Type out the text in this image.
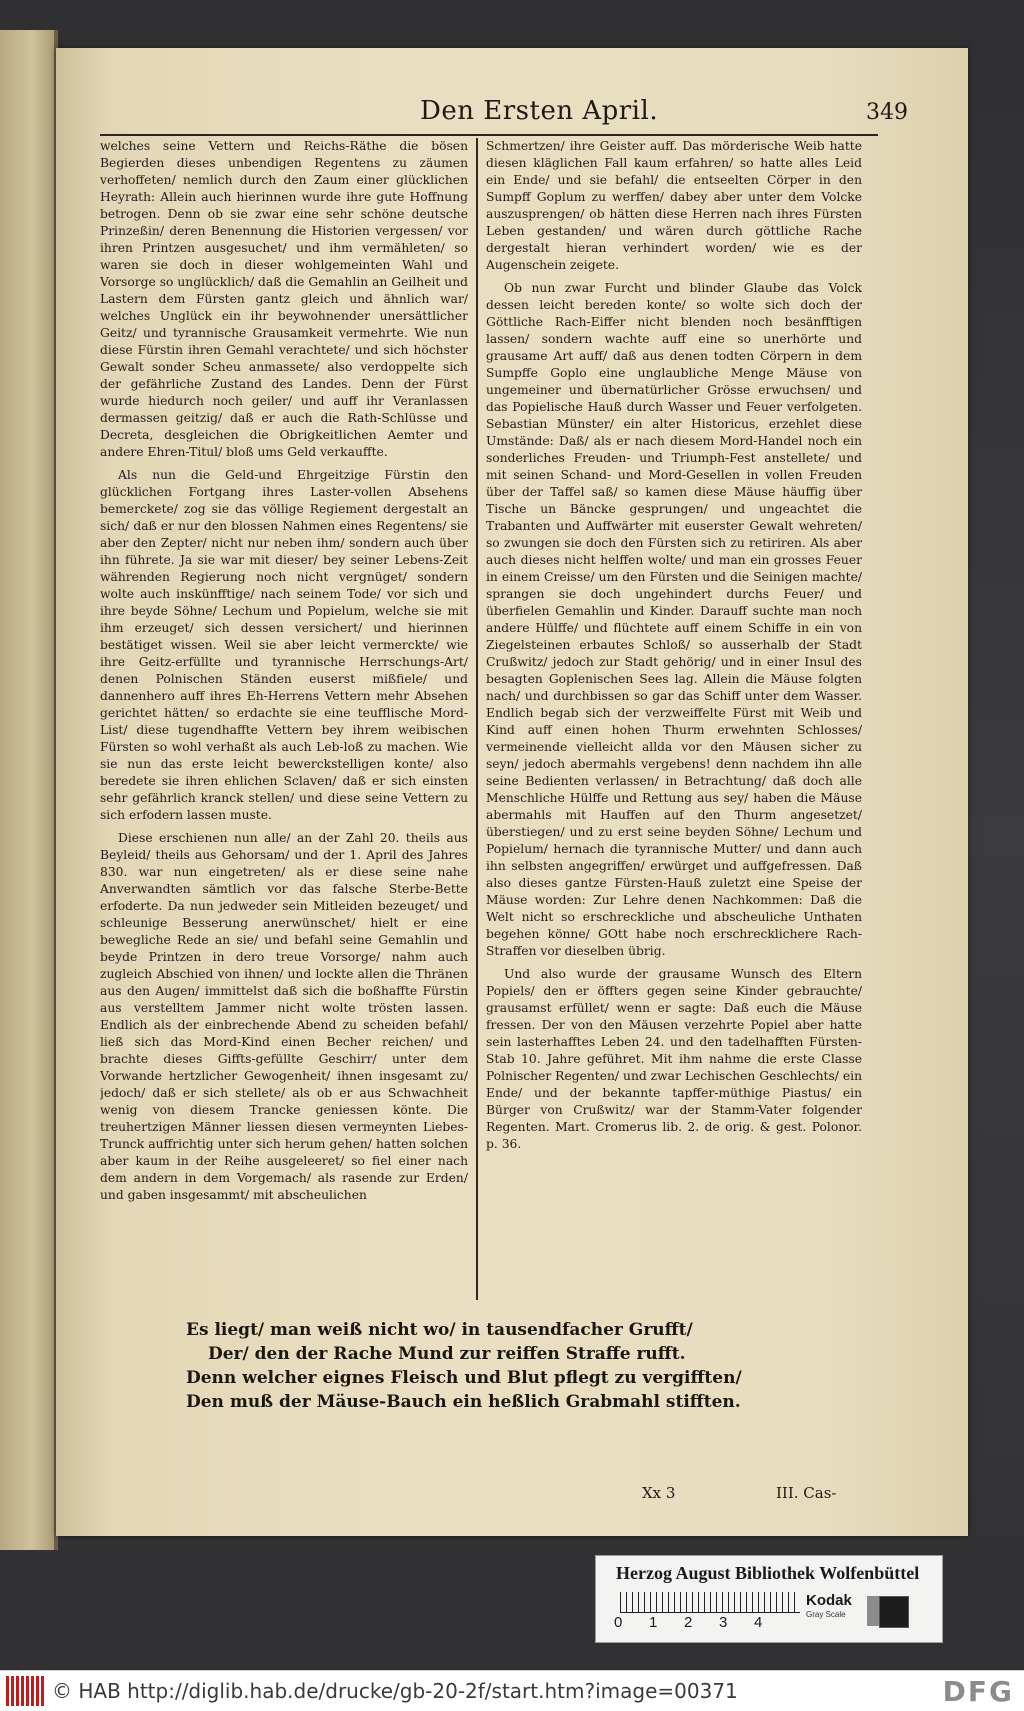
Den Ersten April.	349

welches seine Vettern und Reichs-Räthe die bösen Begierden dieses unbendigen Regentens zu zäumen verhoffeten/ nemlich durch den Zaum einer glücklichen Heyrath: Allein auch hierinnen wurde ihre gute Hoffnung betrogen. Denn ob sie zwar eine sehr schöne deutsche Prinzeßin/ deren Benennung die Historien vergessen/ vor ihren Printzen ausgesuchet/ und ihm vermähleten/ so waren sie doch in dieser wohlgemeinten Wahl und Vorsorge so unglücklich/ daß die Gemahlin an Geilheit und Lastern dem Fürsten gantz gleich und ähnlich war/ welches Unglück ein ihr beywohnender unersättlicher Geitz/ und tyrannische Grausamkeit vermehrte. Wie nun diese Fürstin ihren Gemahl verachtete/ und sich höchster Gewalt sonder Scheu anmassete/ also verdoppelte sich der gefährliche Zustand des Landes. Denn der Fürst wurde hiedurch noch geiler/ und auff ihr Veranlassen dermassen geitzig/ daß er auch die Rath-Schlüsse und Decreta, desgleichen die Obrigkeitlichen Aemter und andere Ehren-Titul/ bloß ums Geld verkauffte.

Als nun die Geld-und Ehrgeitzige Fürstin den glücklichen Fortgang ihres Laster-vollen Absehens bemerckete/ zog sie das völlige Regiement dergestalt an sich/ daß er nur den blossen Nahmen eines Regentens/ sie aber den Zepter/ nicht nur neben ihm/ sondern auch über ihn führete. Ja sie war mit dieser/ bey seiner Lebens-Zeit währenden Regierung noch nicht vergnüget/ sondern wolte auch inskünfftige/ nach seinem Tode/ vor sich und ihre beyde Söhne/ Lechum und Popielum, welche sie mit ihm erzeuget/ sich dessen versichert/ und hierinnen bestätiget wissen. Weil sie aber leicht vermerckte/ wie ihre Geitz-erfüllte und tyrannische Herrschungs-Art/ denen Polnischen Ständen euserst mißfiele/ und dannenhero auff ihres Eh-Herrens Vettern mehr Absehen gerichtet hätten/ so erdachte sie eine teufflische Mord-List/ diese tugendhaffte Vettern bey ihrem weibischen Fürsten so wohl verhaßt als auch Leb-loß zu machen. Wie sie nun das erste leicht bewerckstelligen konte/ also beredete sie ihren ehlichen Sclaven/ daß er sich einsten sehr gefährlich kranck stellen/ und diese seine Vettern zu sich erfodern lassen muste.

Diese erschienen nun alle/ an der Zahl 20. theils aus Beyleid/ theils aus Gehorsam/ und der 1. April des Jahres 830. war nun eingetreten/ als er diese seine nahe Anverwandten sämtlich vor das falsche Sterbe-Bette erfoderte. Da nun jedweder sein Mitleiden bezeuget/ und schleunige Besserung anerwünschet/ hielt er eine bewegliche Rede an sie/ und befahl seine Gemahlin und beyde Printzen in dero treue Vorsorge/ nahm auch zugleich Abschied von ihnen/ und lockte allen die Thränen aus den Augen/ immittelst daß sich die boßhaffte Fürstin aus verstelltem Jammer nicht wolte trösten lassen. Endlich als der einbrechende Abend zu scheiden befahl/ ließ sich das Mord-Kind einen Becher reichen/ und brachte dieses Giffts-gefüllte Geschirr/ unter dem Vorwande hertzlicher Gewogenheit/ ihnen insgesamt zu/ jedoch/ daß er sich stellete/ als ob er aus Schwachheit wenig von diesem Trancke geniessen könte. Die treuhertzigen Männer liessen diesen vermeynten Liebes-Trunck auffrichtig unter sich herum gehen/ hatten solchen aber kaum in der Reihe ausgeleeret/ so fiel einer nach dem andern in dem Vorgemach/ als rasende zur Erden/ und gaben insgesammt/ mit abscheulichen

Schmertzen/ ihre Geister auff. Das mörderische Weib hatte diesen kläglichen Fall kaum erfahren/ so hatte alles Leid ein Ende/ und sie befahl/ die entseelten Cörper in den Sumpff Goplum zu werffen/ dabey aber unter dem Volcke auszusprengen/ ob hätten diese Herren nach ihres Fürsten Leben gestanden/ und wären durch göttliche Rache dergestalt hieran verhindert worden/ wie es der Augenschein zeigete.

Ob nun zwar Furcht und blinder Glaube das Volck dessen leicht bereden konte/ so wolte sich doch der Göttliche Rach-Eiffer nicht blenden noch besänfftigen lassen/ sondern wachte auff eine so unerhörte und grausame Art auff/ daß aus denen todten Cörpern in dem Sumpffe Goplo eine unglaubliche Menge Mäuse von ungemeiner und übernatürlicher Grösse erwuchsen/ und das Popielische Hauß durch Wasser und Feuer verfolgeten. Sebastian Münster/ ein alter Historicus, erzehlet diese Umstände: Daß/ als er nach diesem Mord-Handel noch ein sonderliches Freuden- und Triumph-Fest anstellete/ und mit seinen Schand- und Mord-Gesellen in vollen Freuden über der Taffel saß/ so kamen diese Mäuse häuffig über Tische un Bäncke gesprungen/ und ungeachtet die Trabanten und Auffwärter mit euserster Gewalt wehreten/ so zwungen sie doch den Fürsten sich zu retiriren. Als aber auch dieses nicht helffen wolte/ und man ein grosses Feuer in einem Creisse/ um den Fürsten und die Seinigen machte/ sprangen sie doch ungehindert durchs Feuer/ und überfielen Gemahlin und Kinder. Darauff suchte man noch andere Hülffe/ und flüchtete auff einem Schiffe in ein von Ziegelsteinen erbautes Schloß/ so ausserhalb der Stadt Crußwitz/ jedoch zur Stadt gehörig/ und in einer Insul des besagten Goplenischen Sees lag. Allein die Mäuse folgten nach/ und durchbissen so gar das Schiff unter dem Wasser. Endlich begab sich der verzweiffelte Fürst mit Weib und Kind auff einen hohen Thurm erwehnten Schlosses/ vermeinende vielleicht allda vor den Mäusen sicher zu seyn/ jedoch abermahls vergebens! denn nachdem ihn alle seine Bedienten verlassen/ in Betrachtung/ daß doch alle Menschliche Hülffe und Rettung aus sey/ haben die Mäuse abermahls mit Hauffen auf den Thurm angesetzet/ überstiegen/ und zu erst seine beyden Söhne/ Lechum und Popielum/ hernach die tyrannische Mutter/ und dann auch ihn selbsten angegriffen/ erwürget und auffgefressen. Daß also dieses gantze Fürsten-Hauß zuletzt eine Speise der Mäuse worden: Zur Lehre denen Nachkommen: Daß die Welt nicht so erschreckliche und abscheuliche Unthaten begehen könne/ GOtt habe noch erschrecklichere Rach-Straffen vor dieselben übrig.

Und also wurde der grausame Wunsch des Eltern Popiels/ den er öffters gegen seine Kinder gebrauchte/ grausamst erfüllet/ wenn er sagte: Daß euch die Mäuse fressen. Der von den Mäusen verzehrte Popiel aber hatte sein lasterhafftes Leben 24. und den tadelhafften Fürsten-Stab 10. Jahre geführet. Mit ihm nahme die erste Classe Polnischer Regenten/ und zwar Lechischen Geschlechts/ ein Ende/ und der bekannte tapffer-müthige Piastus/ ein Bürger von Crußwitz/ war der Stamm-Vater folgender Regenten. Mart. Cromerus lib. 2. de orig. & gest. Polonor. p. 36.

Es liegt/ man weiß nicht wo/ in tausendfacher Grufft/
Der/ den der Rache Mund zur reiffen Straffe rufft.
Denn welcher eignes Fleisch und Blut pflegt zu vergifften/
Den muß der Mäuse-Bauch ein heßlich Grabmahl stifften.
Xx 3	III. Cas-
Herzog August Bibliothek Wolfenbüttel
0 1 2 3 4
Kodak
Gray Scale
© HAB http://diglib.hab.de/drucke/gb-20-2f/start.htm?image=00371	DFG
